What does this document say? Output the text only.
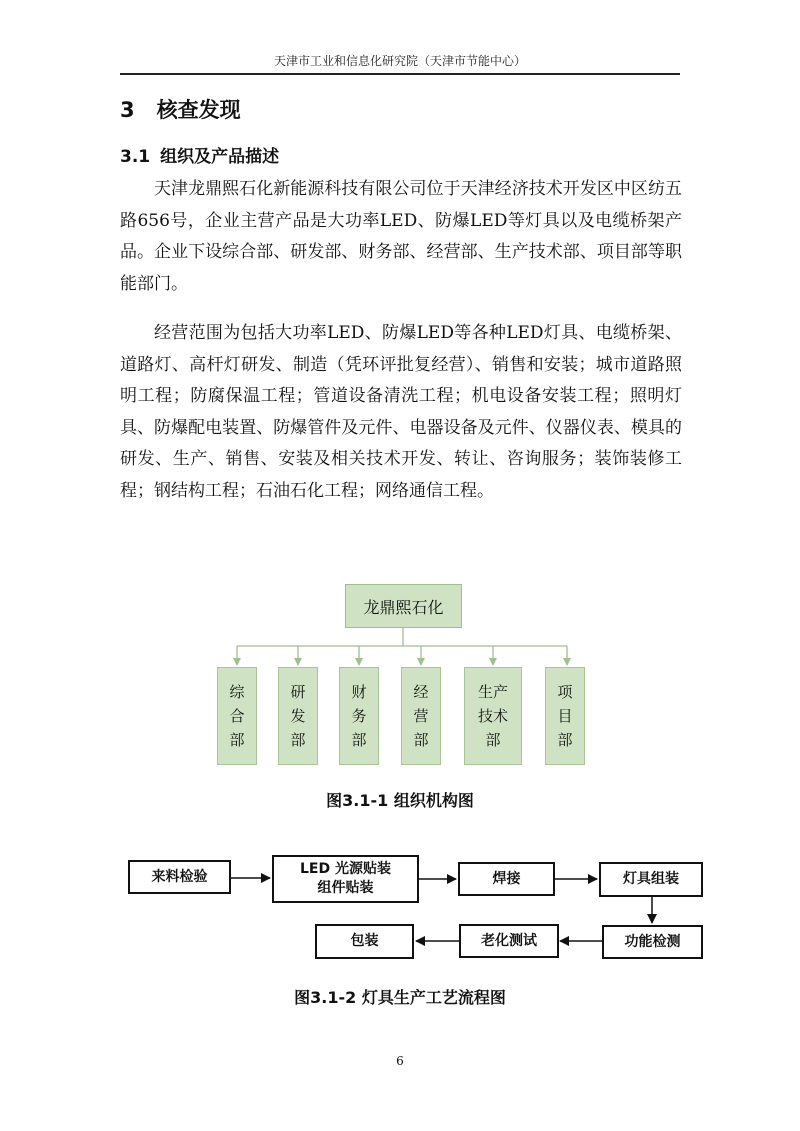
天津市工业和信息化研究院（天津市节能中心）
3 核查发现
3.1 组织及产品描述

天津龙鼎熙石化新能源科技有限公司位于天津经济技术开发区中区纺五路656号，企业主营产品是大功率LED、防爆LED等灯具以及电缆桥架产品。企业下设综合部、研发部、财务部、经营部、生产技术部、项目部等职能部门。

经营范围为包括大功率LED、防爆LED等各种LED灯具、电缆桥架、道路灯、高杆灯研发、制造（凭环评批复经营）、销售和安装；城市道路照明工程；防腐保温工程；管道设备清洗工程；机电设备安装工程；照明灯具、防爆配电装置、防爆管件及元件、电器设备及元件、仪器仪表、模具的研发、生产、销售、安装及相关技术开发、转让、咨询服务；装饰装修工程；钢结构工程；石油石化工程；网络通信工程。

龙鼎熙石化
综
合
部
研
发
部
财
务
部
经
营
部
生产
技术
部
项
目
部
图3.1-1 组织机构图
来料检验	LED 光源贴装
组件贴装
焊接	灯具组装
功能检测
老化测试
包装
图3.1-2 灯具生产工艺流程图
6
